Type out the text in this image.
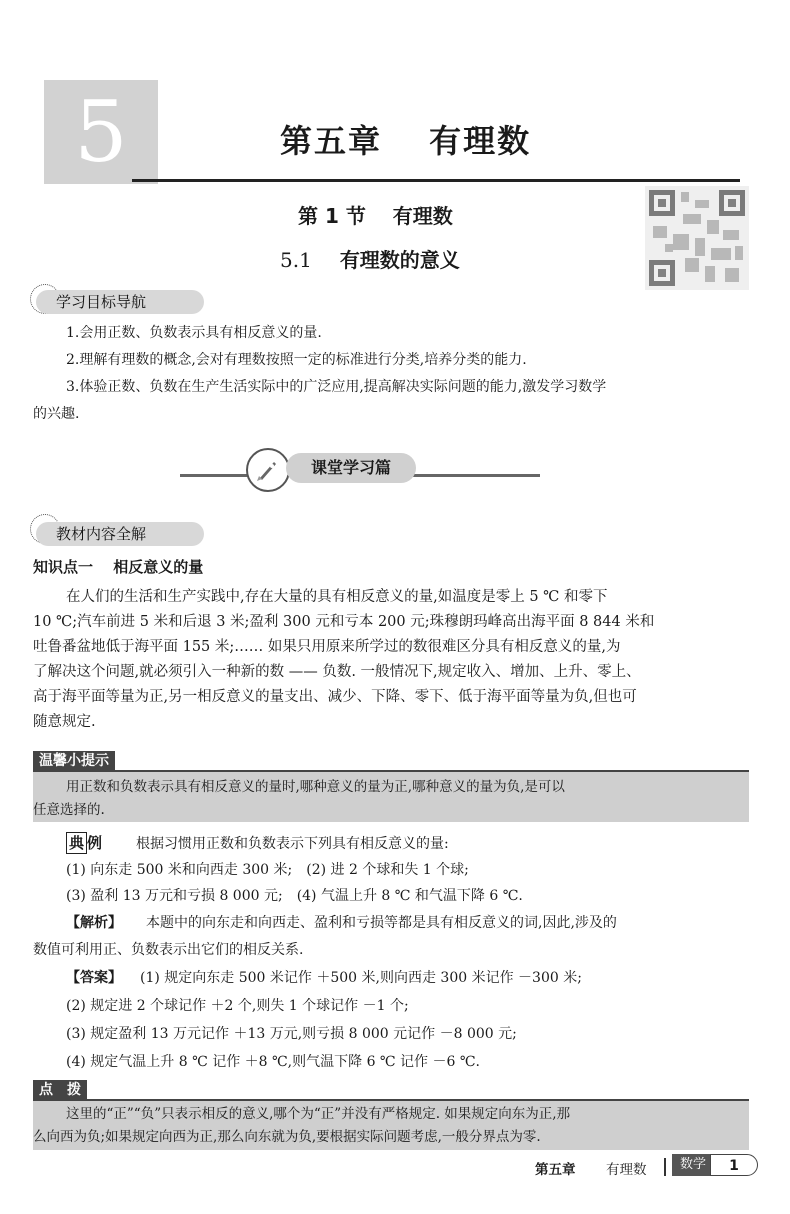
5	第五章　 有理数
第 1 节　 有理数
5.1 有理数的意义
学习目标导航
1.会用正数、负数表示具有相反意义的量.
2.理解有理数的概念,会对有理数按照一定的标准进行分类,培养分类的能力.
3.体验正数、负数在生产生活实际中的广泛应用,提高解决实际问题的能力,激发学习数学
的兴趣.
课堂学习篇
教材内容全解
知识点一　 相反意义的量
在人们的生活和生产实践中,存在大量的具有相反意义的量,如温度是零上 5 ℃ 和零下
10 ℃;汽车前进 5 米和后退 3 米;盈利 300 元和亏本 200 元;珠穆朗玛峰高出海平面 8 844 米和
吐鲁番盆地低于海平面 155 米;…… 如果只用原来所学过的数很难区分具有相反意义的量,为
了解决这个问题,就必须引入一种新的数 —— 负数. 一般情况下,规定收入、增加、上升、零上、
高于海平面等量为正,另一相反意义的量支出、减少、下降、零下、低于海平面等量为负,但也可
随意规定.
温馨小提示
用正数和负数表示具有相反意义的量时,哪种意义的量为正,哪种意义的量为负,是可以
任意选择的.
典 例 根据习惯用正数和负数表示下列具有相反意义的量:
(1) 向东走 500 米和向西走 300 米;　(2) 进 2 个球和失 1 个球;
(3) 盈利 13 万元和亏损 8 000 元;　(4) 气温上升 8 ℃ 和气温下降 6 ℃.
【解析】 本题中的向东走和向西走、盈利和亏损等都是具有相反意义的词,因此,涉及的
数值可利用正、负数表示出它们的相反关系.
【答案】 (1) 规定向东走 500 米记作 ＋500 米,则向西走 300 米记作 －300 米;
(2) 规定进 2 个球记作 ＋2 个,则失 1 个球记作 －1 个;
(3) 规定盈利 13 万元记作 ＋13 万元,则亏损 8 000 元记作 －8 000 元;
(4) 规定气温上升 8 ℃ 记作 ＋8 ℃,则气温下降 6 ℃ 记作 －6 ℃.
点　拨
这里的“正”“负”只表示相反的意义,哪个为“正”并没有严格规定. 如果规定向东为正,那
么向西为负;如果规定向西为正,那么向东就为负,要根据实际问题考虑,一般分界点为零.
第五章 有理数	数学	1
